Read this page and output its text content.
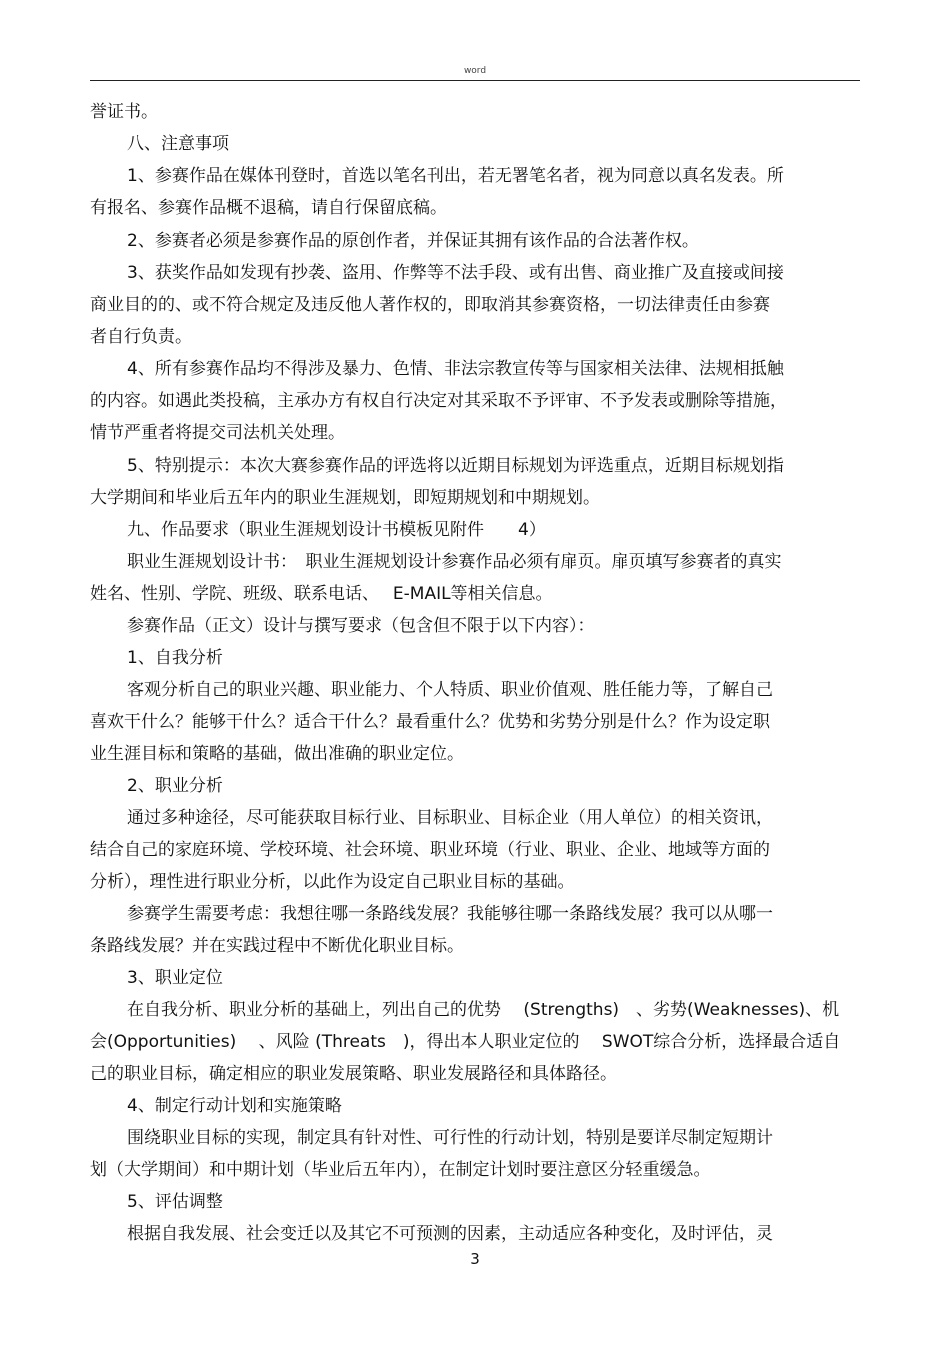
word
誉证书。
八、注意事项
1、参赛作品在媒体刊登时，首选以笔名刊出，若无署笔名者，视为同意以真名发表。所
有报名、参赛作品概不退稿，请自行保留底稿。
2、参赛者必须是参赛作品的原创作者，并保证其拥有该作品的合法著作权。
3、获奖作品如发现有抄袭、盗用、作弊等不法手段、或有出售、商业推广及直接或间接
商业目的的、或不符合规定及违反他人著作权的，即取消其参赛资格，一切法律责任由参赛
者自行负责。
4、所有参赛作品均不得涉及暴力、色情、非法宗教宣传等与国家相关法律、法规相抵触
的内容。如遇此类投稿，主承办方有权自行决定对其采取不予评审、不予发表或删除等措施，
情节严重者将提交司法机关处理。
5、特别提示：本次大赛参赛作品的评选将以近期目标规划为评选重点，近期目标规划指
大学期间和毕业后五年内的职业生涯规划，即短期规划和中期规划。
九、作品要求（职业生涯规划设计书模板见附件　　4）
职业生涯规划设计书：　职业生涯规划设计参赛作品必须有扉页。扉页填写参赛者的真实
姓名、性别、学院、班级、联系电话、　 E-MAIL等相关信息。
参赛作品（正文）设计与撰写要求（包含但不限于以下内容）：
1、自我分析
客观分析自己的职业兴趣、职业能力、个人特质、职业价值观、胜任能力等，了解自己
喜欢干什么？能够干什么？适合干什么？最看重什么？优势和劣势分别是什么？作为设定职
业生涯目标和策略的基础，做出准确的职业定位。
2、职业分析
通过多种途径，尽可能获取目标行业、目标职业、目标企业（用人单位）的相关资讯，
结合自己的家庭环境、学校环境、社会环境、职业环境（行业、职业、企业、地域等方面的
分析），理性进行职业分析，以此作为设定自己职业目标的基础。
参赛学生需要考虑：我想往哪一条路线发展？我能够往哪一条路线发展？我可以从哪一
条路线发展？并在实践过程中不断优化职业目标。
3、职业定位
在自我分析、职业分析的基础上，列出自己的优势　 (Strengths)　、劣势(Weaknesses)、机
会(Opportunities)　 、风险 (Threats　)，得出本人职业定位的　 SWOT综合分析，选择最合适自
己的职业目标，确定相应的职业发展策略、职业发展路径和具体路径。
4、制定行动计划和实施策略
围绕职业目标的实现，制定具有针对性、可行性的行动计划，特别是要详尽制定短期计
划（大学期间）和中期计划（毕业后五年内），在制定计划时要注意区分轻重缓急。
5、评估调整
根据自我发展、社会变迁以及其它不可预测的因素，主动适应各种变化，及时评估，灵
3
